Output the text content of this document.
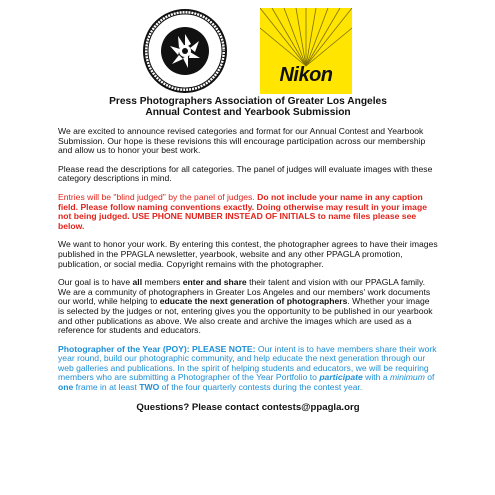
Nikon
Press Photographers Association of Greater Los Angeles
Annual Contest and Yearbook Submission

We are excited to announce revised categories and format for our Annual Contest and Yearbook Submission. Our hope is these revisions this will encourage participation across our membership and allow us to honor your best work.

Please read the descriptions for all categories. The panel of judges will evaluate images with these category descriptions in mind.

Entries will be "blind judged" by the panel of judges. Do not include your name in any caption field. Please follow naming conventions exactly. Doing otherwise may result in your image not being judged. USE PHONE NUMBER INSTEAD OF INITIALS to name files please see below.

We want to honor your work. By entering this contest, the photographer agrees to have their images published in the PPAGLA newsletter, yearbook, website and any other PPAGLA promotion, publication, or social media. Copyright remains with the photographer.

Our goal is to have all members enter and share their talent and vision with our PPAGLA family. We are a community of photographers in Greater Los Angeles and our members' work documents our world, while helping to educate the next generation of photographers. Whether your image is selected by the judges or not, entering gives you the opportunity to be published in our yearbook and other publications as above. We also create and archive the images which are used as a reference for students and educators.

Photographer of the Year (POY): PLEASE NOTE: Our intent is to have members share their work year round, build our photographic community, and help educate the next generation through our web galleries and publications. In the spirit of helping students and educators, we will be requiring members who are submitting a Photographer of the Year Portfolio to participate with a minimum of one frame in at least TWO of the four quarterly contests during the contest year.

Questions? Please contact contests@ppagla.org
